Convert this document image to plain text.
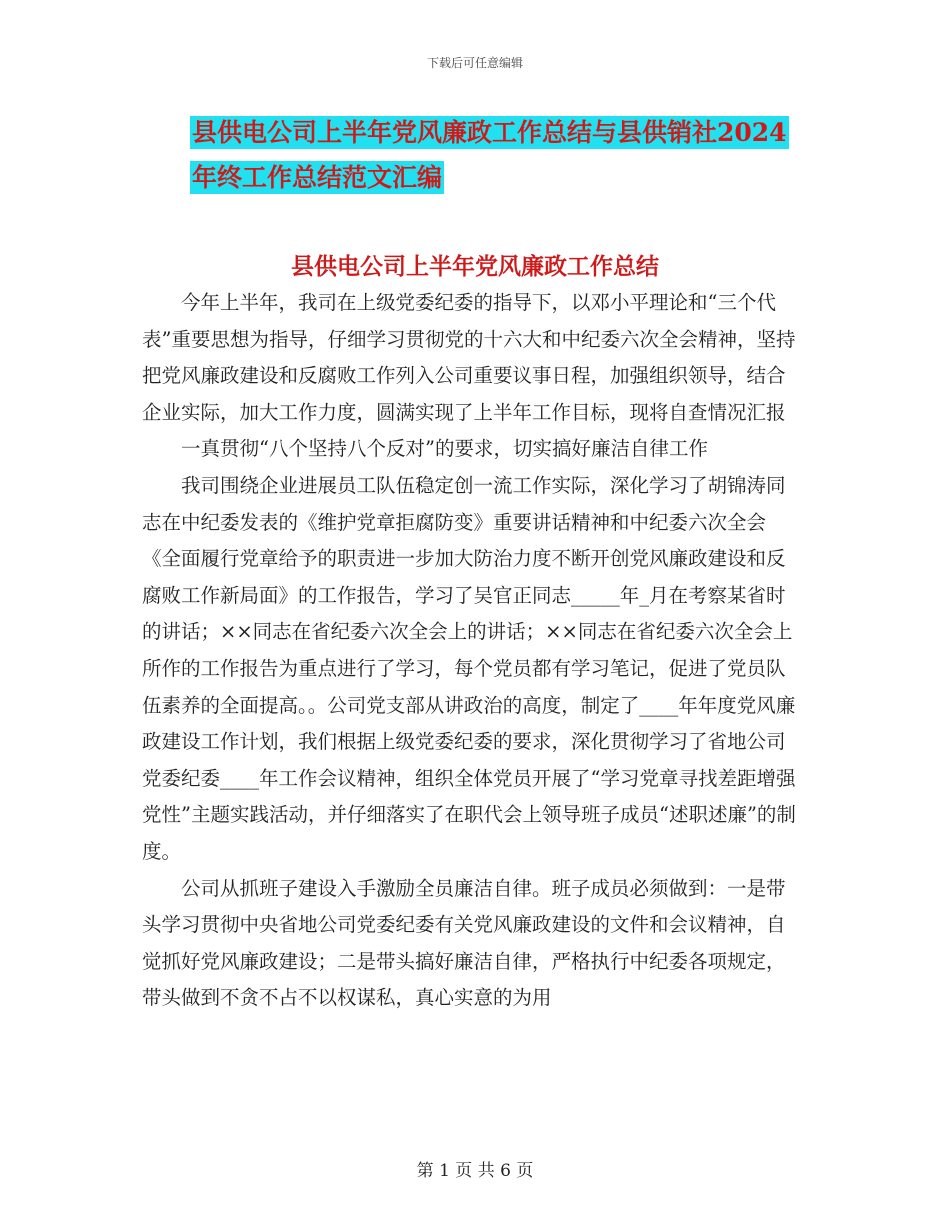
下载后可任意编辑
县供电公司上半年党风廉政工作总结与县供销社2024
年终工作总结范文汇编
县供电公司上半年党风廉政工作总结

今年上半年，我司在上级党委纪委的指导下，以邓小平理论和“三个代表”重要思想为指导，仔细学习贯彻党的十六大和中纪委六次全会精神，坚持把党风廉政建设和反腐败工作列入公司重要议事日程，加强组织领导，结合企业实际，加大工作力度，圆满实现了上半年工作目标，现将自查情况汇报

一真贯彻“八个坚持八个反对”的要求，切实搞好廉洁自律工作

我司围绕企业进展员工队伍稳定创一流工作实际，深化学习了胡锦涛同志在中纪委发表的《维护党章拒腐防变》重要讲话精神和中纪委六次全会《全面履行党章给予的职责进一步加大防治力度不断开创党风廉政建设和反腐败工作新局面》的工作报告，学习了吴官正同志_____年_月在考察某省时的讲话；××同志在省纪委六次全会上的讲话；××同志在省纪委六次全会上所作的工作报告为重点进行了学习，每个党员都有学习笔记，促进了党员队伍素养的全面提高。。公司党支部从讲政治的高度，制定了____年年度党风廉政建设工作计划，我们根据上级党委纪委的要求，深化贯彻学习了省地公司党委纪委____年工作会议精神，组织全体党员开展了“学习党章寻找差距增强党性”主题实践活动，并仔细落实了在职代会上领导班子成员“述职述廉”的制度。

公司从抓班子建设入手激励全员廉洁自律。班子成员必须做到：一是带头学习贯彻中央省地公司党委纪委有关党风廉政建设的文件和会议精神，自觉抓好党风廉政建设；二是带头搞好廉洁自律，严格执行中纪委各项规定，带头做到不贪不占不以权谋私，真心实意的为用

第 1 页 共 6 页
